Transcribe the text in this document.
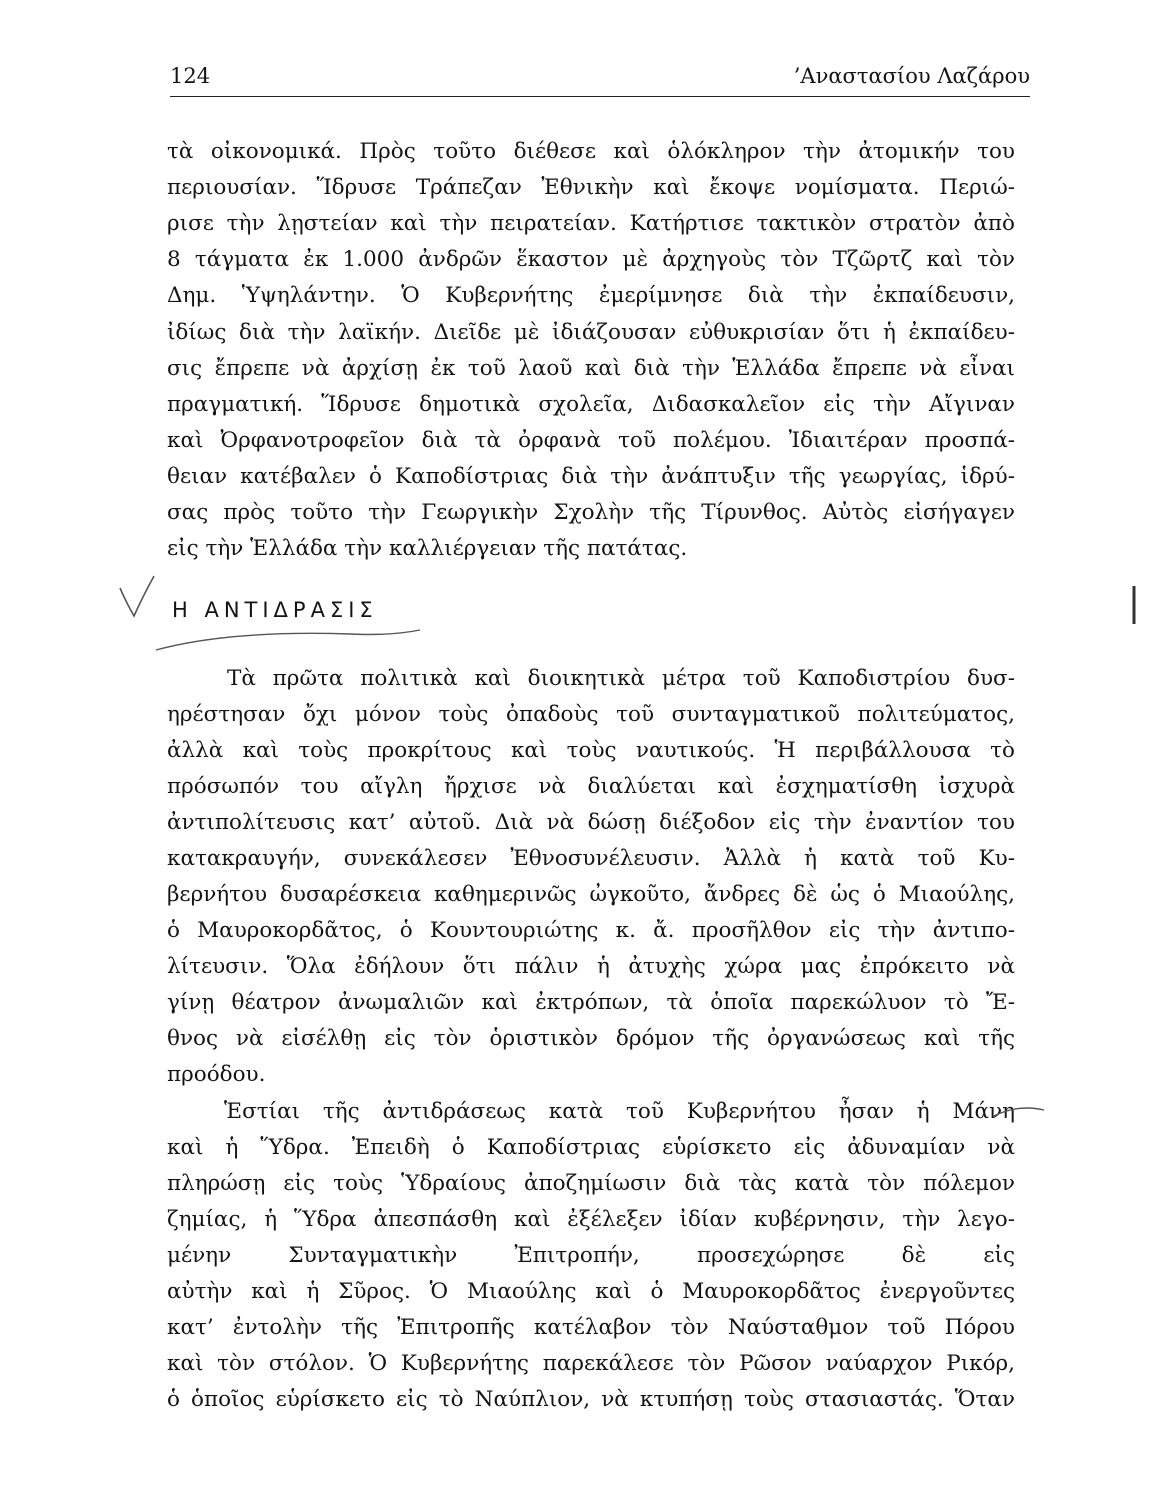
124	’Αναστασίου Λαζάρου
τὰ οἰκονομικά. Πρὸς τοῦτο διέθεσε καὶ ὁλόκληρον τὴν ἀτομικήν του
περιουσίαν. Ἵδρυσε Τράπεζαν Ἐθνικὴν καὶ ἔκοψε νομίσματα. Περιώ-
ρισε τὴν λῃστείαν καὶ τὴν πειρατείαν. Κατήρτισε τακτικὸν στρατὸν ἀπὸ
8 τάγματα ἐκ 1.000 ἀνδρῶν ἕκαστον μὲ ἀρχηγοὺς τὸν Τζῶρτζ καὶ τὸν
Δημ. Ὑψηλάντην. Ὁ Κυβερνήτης ἐμερίμνησε διὰ τὴν ἐκπαίδευσιν,
ἰδίως διὰ τὴν λαϊκήν. Διεῖδε μὲ ἰδιάζουσαν εὐθυκρισίαν ὅτι ἡ ἐκπαίδευ-
σις ἔπρεπε νὰ ἀρχίσῃ ἐκ τοῦ λαοῦ καὶ διὰ τὴν Ἑλλάδα ἔπρεπε νὰ εἶναι
πραγματική. Ἵδρυσε δημοτικὰ σχολεῖα, Διδασκαλεῖον εἰς τὴν Αἴγιναν
καὶ Ὀρφανοτροφεῖον διὰ τὰ ὀρφανὰ τοῦ πολέμου. Ἰδιαιτέραν προσπά-
θειαν κατέβαλεν ὁ Καποδίστριας διὰ τὴν ἀνάπτυξιν τῆς γεωργίας, ἱδρύ-
σας πρὸς τοῦτο τὴν Γεωργικὴν Σχολὴν τῆς Τίρυνθος. Αὐτὸς εἰσήγαγεν
εἰς τὴν Ἑλλάδα τὴν καλλιέργειαν τῆς πατάτας.
Η ΑΝΤΙΔΡΑΣΙΣ
Τὰ πρῶτα πολιτικὰ καὶ διοικητικὰ μέτρα τοῦ Καποδιστρίου δυσ-
ηρέστησαν ὄχι μόνον τοὺς ὀπαδοὺς τοῦ συνταγματικοῦ πολιτεύματος,
ἀλλὰ καὶ τοὺς προκρίτους καὶ τοὺς ναυτικούς. Ἡ περιβάλλουσα τὸ
πρόσωπόν του αἴγλη ἤρχισε νὰ διαλύεται καὶ ἐσχηματίσθη ἰσχυρὰ
ἀντιπολίτευσις κατ’ αὐτοῦ. Διὰ νὰ δώσῃ διέξοδον εἰς τὴν ἐναντίον του
κατακραυγήν, συνεκάλεσεν Ἐθνοσυνέλευσιν. Ἀλλὰ ἡ κατὰ τοῦ Κυ-
βερνήτου δυσαρέσκεια καθημερινῶς ὠγκοῦτο, ἄνδρες δὲ ὡς ὁ Μιαούλης,
ὁ Μαυροκορδᾶτος, ὁ Κουντουριώτης κ. ἄ. προσῆλθον εἰς τὴν ἀντιπο-
λίτευσιν. Ὅλα ἐδήλουν ὅτι πάλιν ἡ ἀτυχὴς χώρα μας ἐπρόκειτο νὰ
γίνῃ θέατρον ἀνωμαλιῶν καὶ ἐκτρόπων, τὰ ὁποῖα παρεκώλυον τὸ Ἔ-
θνος νὰ εἰσέλθῃ εἰς τὸν ὁριστικὸν δρόμον τῆς ὀργανώσεως καὶ τῆς
προόδου.
Ἑστίαι τῆς ἀντιδράσεως κατὰ τοῦ Κυβερνήτου ἦσαν ἡ Μάνη
καὶ ἡ Ὕδρα. Ἐπειδὴ ὁ Καποδίστριας εὑρίσκετο εἰς ἀδυναμίαν νὰ
πληρώσῃ εἰς τοὺς Ὑδραίους ἀποζημίωσιν διὰ τὰς κατὰ τὸν πόλεμον
ζημίας, ἡ Ὕδρα ἀπεσπάσθη καὶ ἐξέλεξεν ἰδίαν κυβέρνησιν, τὴν λεγο-
μένην Συνταγματικὴν Ἐπιτροπήν, προσεχώρησε δὲ εἰς
αὐτὴν καὶ ἡ Σῦρος. Ὁ Μιαούλης καὶ ὁ Μαυροκορδᾶτος ἐνεργοῦντες
κατ’ ἐντολὴν τῆς Ἐπιτροπῆς κατέλαβον τὸν Ναύσταθμον τοῦ Πόρου
καὶ τὸν στόλον. Ὁ Κυβερνήτης παρεκάλεσε τὸν Ρῶσον ναύαρχον Ρικόρ,
ὁ ὁποῖος εὑρίσκετο εἰς τὸ Ναύπλιον, νὰ κτυπήσῃ τοὺς στασιαστάς. Ὅταν
